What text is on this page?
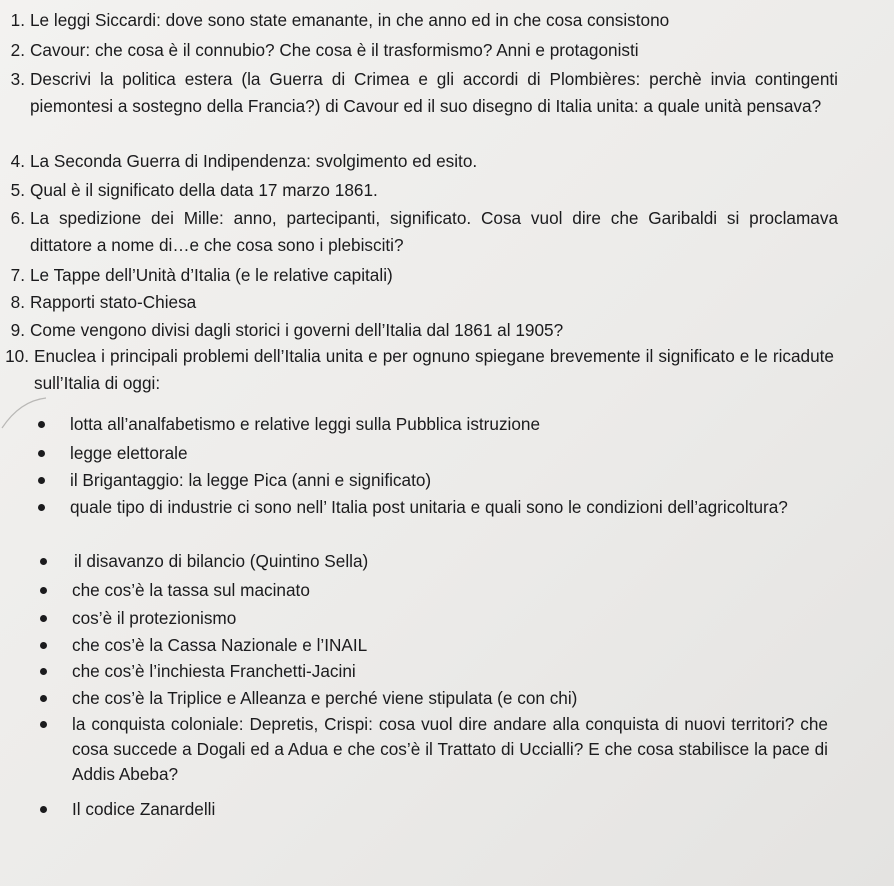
1. Le leggi Siccardi: dove sono state emanante, in che anno ed in che cosa consistono
2. Cavour: che cosa è il connubio? Che cosa è il trasformismo? Anni e protagonisti
3. Descrivi la politica estera (la Guerra di Crimea e gli accordi di Plombières: perchè invia contingenti piemontesi a sostegno della Francia?) di Cavour ed il suo disegno di Italia unita: a quale unità pensava?
4. La Seconda Guerra di Indipendenza: svolgimento ed esito.
5. Qual è il significato della data 17 marzo 1861.
6. La spedizione dei Mille: anno, partecipanti, significato. Cosa vuol dire che Garibaldi si proclamava dittatore a nome di…e che cosa sono i plebisciti?
7. Le Tappe dell’Unità d’Italia (e le relative capitali)
8. Rapporti stato-Chiesa
9. Come vengono divisi dagli storici i governi dell’Italia dal 1861 al 1905?
10. Enuclea i principali problemi dell’Italia unita e per ognuno spiegane brevemente il significato e le ricadute sull’Italia di oggi:
lotta all’analfabetismo e relative leggi sulla Pubblica istruzione
legge elettorale
il Brigantaggio: la legge Pica (anni e significato)
quale tipo di industrie ci sono nell’ Italia post unitaria e quali sono le condizioni dell’agricoltura?
il disavanzo di bilancio (Quintino Sella)
che cos’è la tassa sul macinato
cos’è il protezionismo
che cos’è la Cassa Nazionale e l’INAIL
che cos’è l’inchiesta Franchetti-Jacini
che cos’è la Triplice e Alleanza e perché viene stipulata (e con chi)
la conquista coloniale: Depretis, Crispi: cosa vuol dire andare alla conquista di nuovi territori? che cosa succede a Dogali ed a Adua e che cos’è il Trattato di Uccialli? E che cosa stabilisce la pace di Addis Abeba?
Il codice Zanardelli
